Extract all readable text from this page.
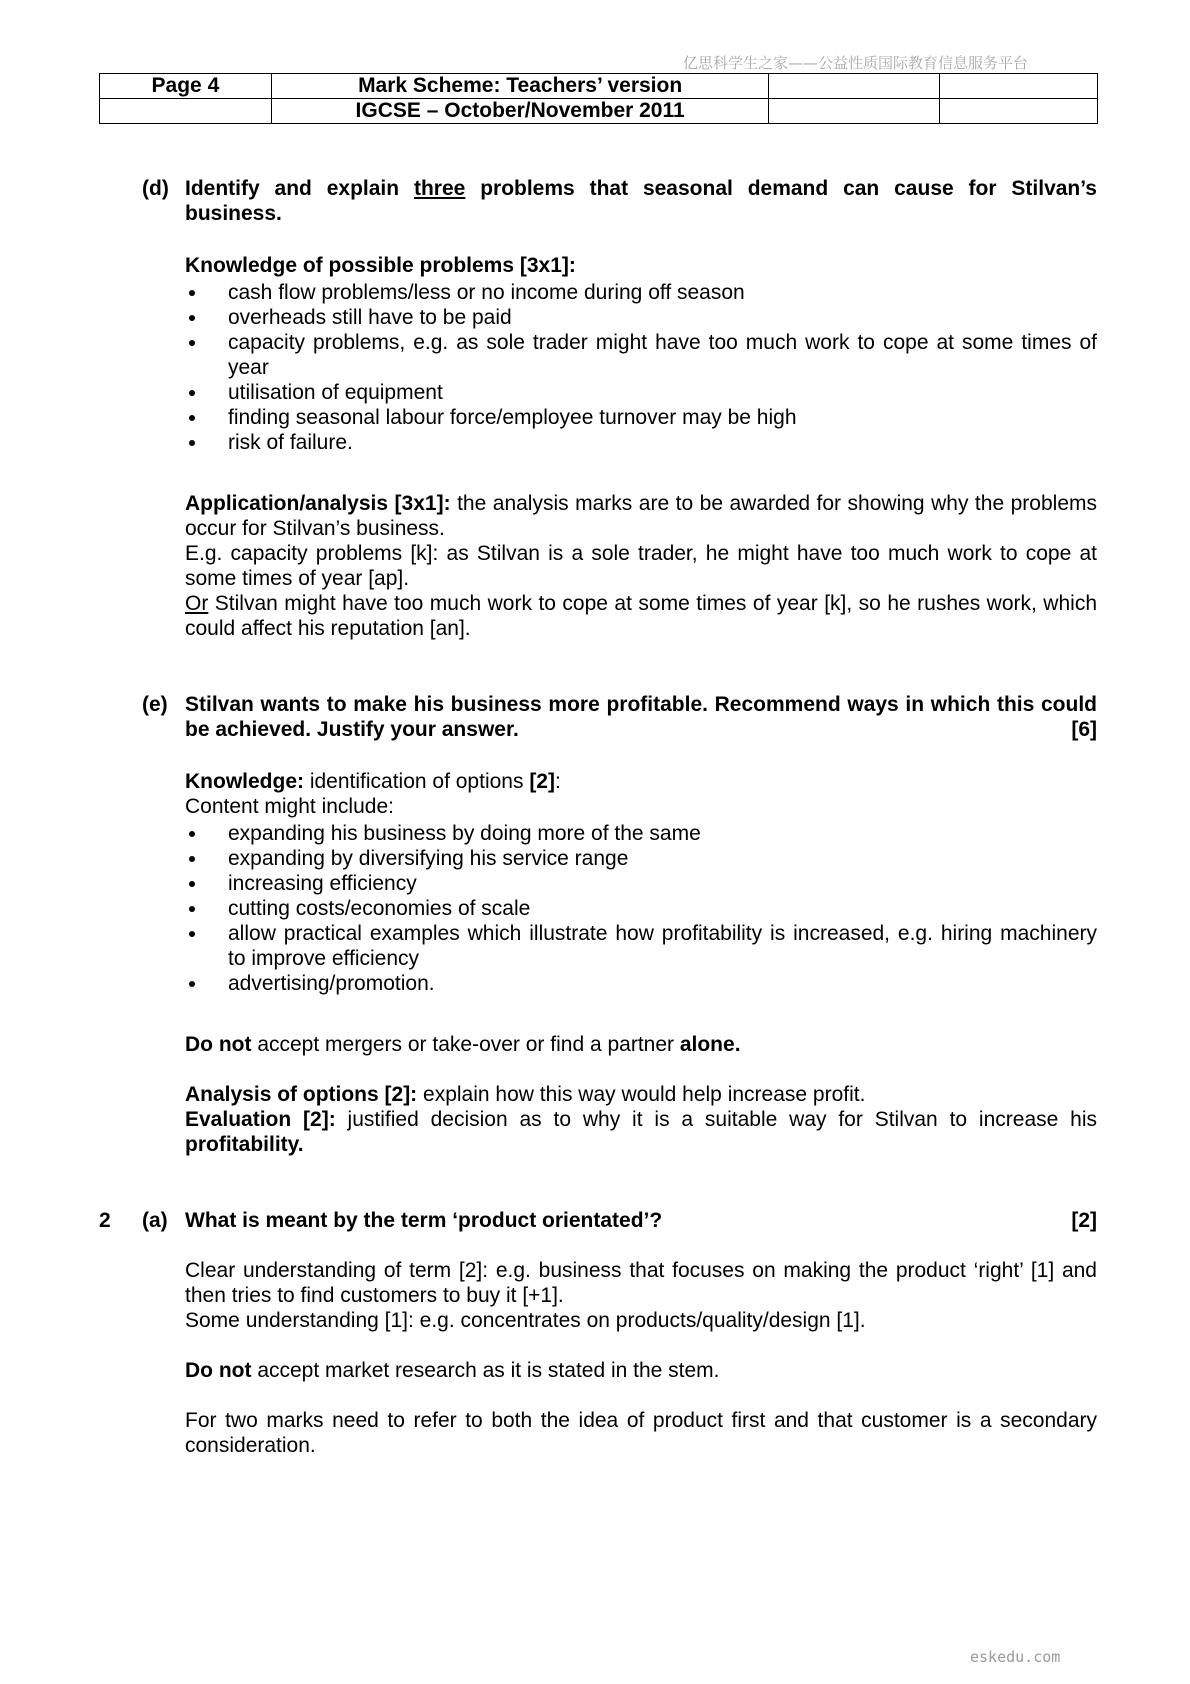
亿思科学生之家——公益性质国际教育信息服务平台
Page 4	Mark Scheme: Teachers’ version		
	IGCSE – October/November 2011		
(d) Identify and explain three problems that seasonal demand can cause for Stilvan’s business.
Knowledge of possible problems [3x1]:
cash flow problems/less or no income during off season
overheads still have to be paid
capacity problems, e.g. as sole trader might have too much work to cope at some times of year
utilisation of equipment
finding seasonal labour force/employee turnover may be high
risk of failure.
Application/analysis [3x1]: the analysis marks are to be awarded for showing why the problems occur for Stilvan’s business.
E.g. capacity problems [k]: as Stilvan is a sole trader, he might have too much work to cope at some times of year [ap].
Or Stilvan might have too much work to cope at some times of year [k], so he rushes work, which could affect his reputation [an].
(e) Stilvan wants to make his business more profitable. Recommend ways in which this could be achieved. Justify your answer.	[6]
Knowledge: identification of options [2]:
Content might include:
expanding his business by doing more of the same
expanding by diversifying his service range
increasing efficiency
cutting costs/economies of scale
allow practical examples which illustrate how profitability is increased, e.g. hiring machinery to improve efficiency
advertising/promotion.
Do not accept mergers or take-over or find a partner alone.
Analysis of options [2]: explain how this way would help increase profit.
Evaluation [2]: justified decision as to why it is a suitable way for Stilvan to increase his profitability.
2 (a) What is meant by the term ‘product orientated’?	[2]
Clear understanding of term [2]: e.g. business that focuses on making the product ‘right’ [1] and then tries to find customers to buy it [+1].
Some understanding [1]: e.g. concentrates on products/quality/design [1].
Do not accept market research as it is stated in the stem.
For two marks need to refer to both the idea of product first and that customer is a secondary consideration.
eskedu.com
